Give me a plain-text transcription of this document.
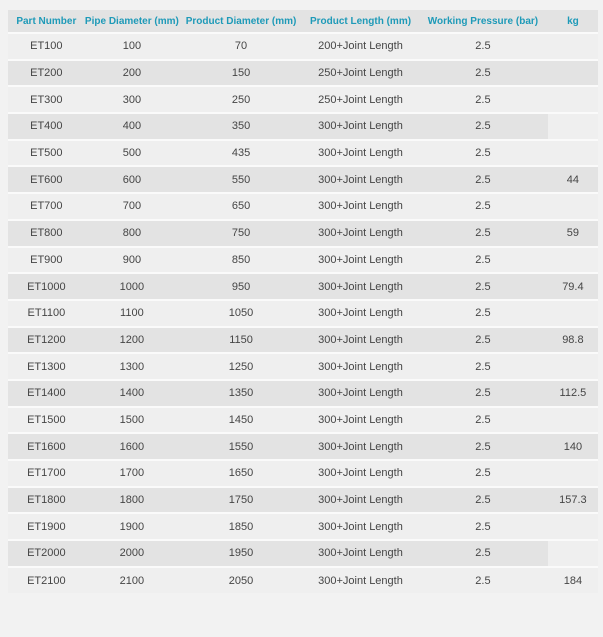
Part Number	Pipe Diameter (mm)	Product Diameter (mm)	Product Length (mm)	Working Pressure (bar)	kg
ET100	100	70	200+Joint Length	2.5	
ET200	200	150	250+Joint Length	2.5	
ET300	300	250	250+Joint Length	2.5	
ET400	400	350	300+Joint Length	2.5	
ET500	500	435	300+Joint Length	2.5	
ET600	600	550	300+Joint Length	2.5	44
ET700	700	650	300+Joint Length	2.5	
ET800	800	750	300+Joint Length	2.5	59
ET900	900	850	300+Joint Length	2.5	
ET1000	1000	950	300+Joint Length	2.5	79.4
ET1100	1100	1050	300+Joint Length	2.5	
ET1200	1200	1150	300+Joint Length	2.5	98.8
ET1300	1300	1250	300+Joint Length	2.5	
ET1400	1400	1350	300+Joint Length	2.5	112.5
ET1500	1500	1450	300+Joint Length	2.5	
ET1600	1600	1550	300+Joint Length	2.5	140
ET1700	1700	1650	300+Joint Length	2.5	
ET1800	1800	1750	300+Joint Length	2.5	157.3
ET1900	1900	1850	300+Joint Length	2.5	
ET2000	2000	1950	300+Joint Length	2.5	
ET2100	2100	2050	300+Joint Length	2.5	184
